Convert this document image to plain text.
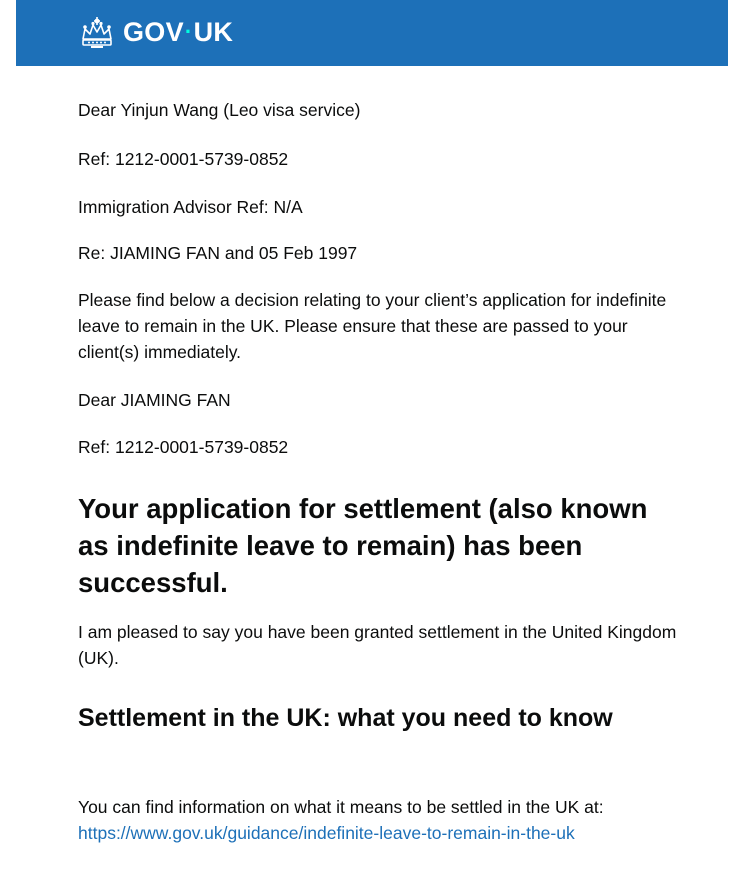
GOV·UK

Dear Yinjun Wang (Leo visa service)

Ref: 1212-0001-5739-0852

Immigration Advisor Ref: N/A

Re: JIAMING FAN and 05 Feb 1997

Please find below a decision relating to your client’s application for indefinite leave to remain in the UK. Please ensure that these are passed to your client(s) immediately.

Dear JIAMING FAN

Ref: 1212-0001-5739-0852

Your application for settlement (also known as indefinite leave to remain) has been successful.

I am pleased to say you have been granted settlement in the United Kingdom (UK).

Settlement in the UK: what you need to know

You can find information on what it means to be settled in the UK at: https://www.gov.uk/guidance/indefinite-leave-to-remain-in-the-uk
